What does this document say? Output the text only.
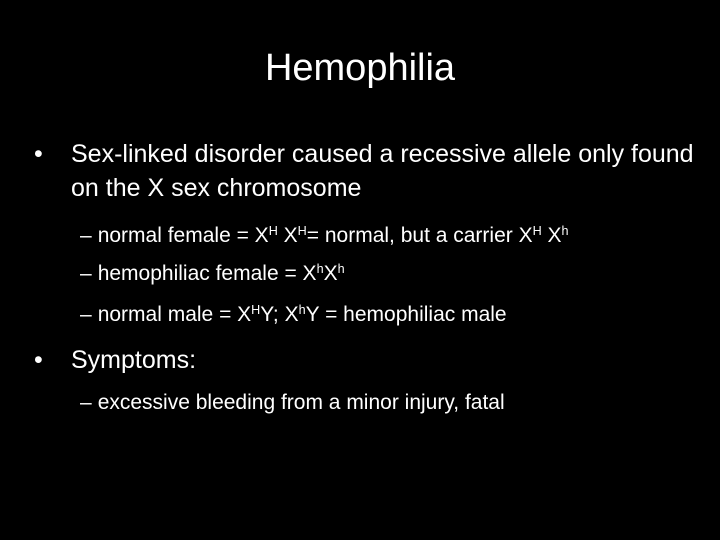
Hemophilia
• Sex-linked disorder caused a recessive allele only found on the X sex chromosome
– normal female = $X^H$ $X^H=$ normal, but a carrier $X^H$ $X^h$
– hemophiliac female = $X^hX^h$
– normal male = $X^HY$; $X^hY$ = hemophiliac male
• Symptoms:
– excessive bleeding from a minor injury, fatal
